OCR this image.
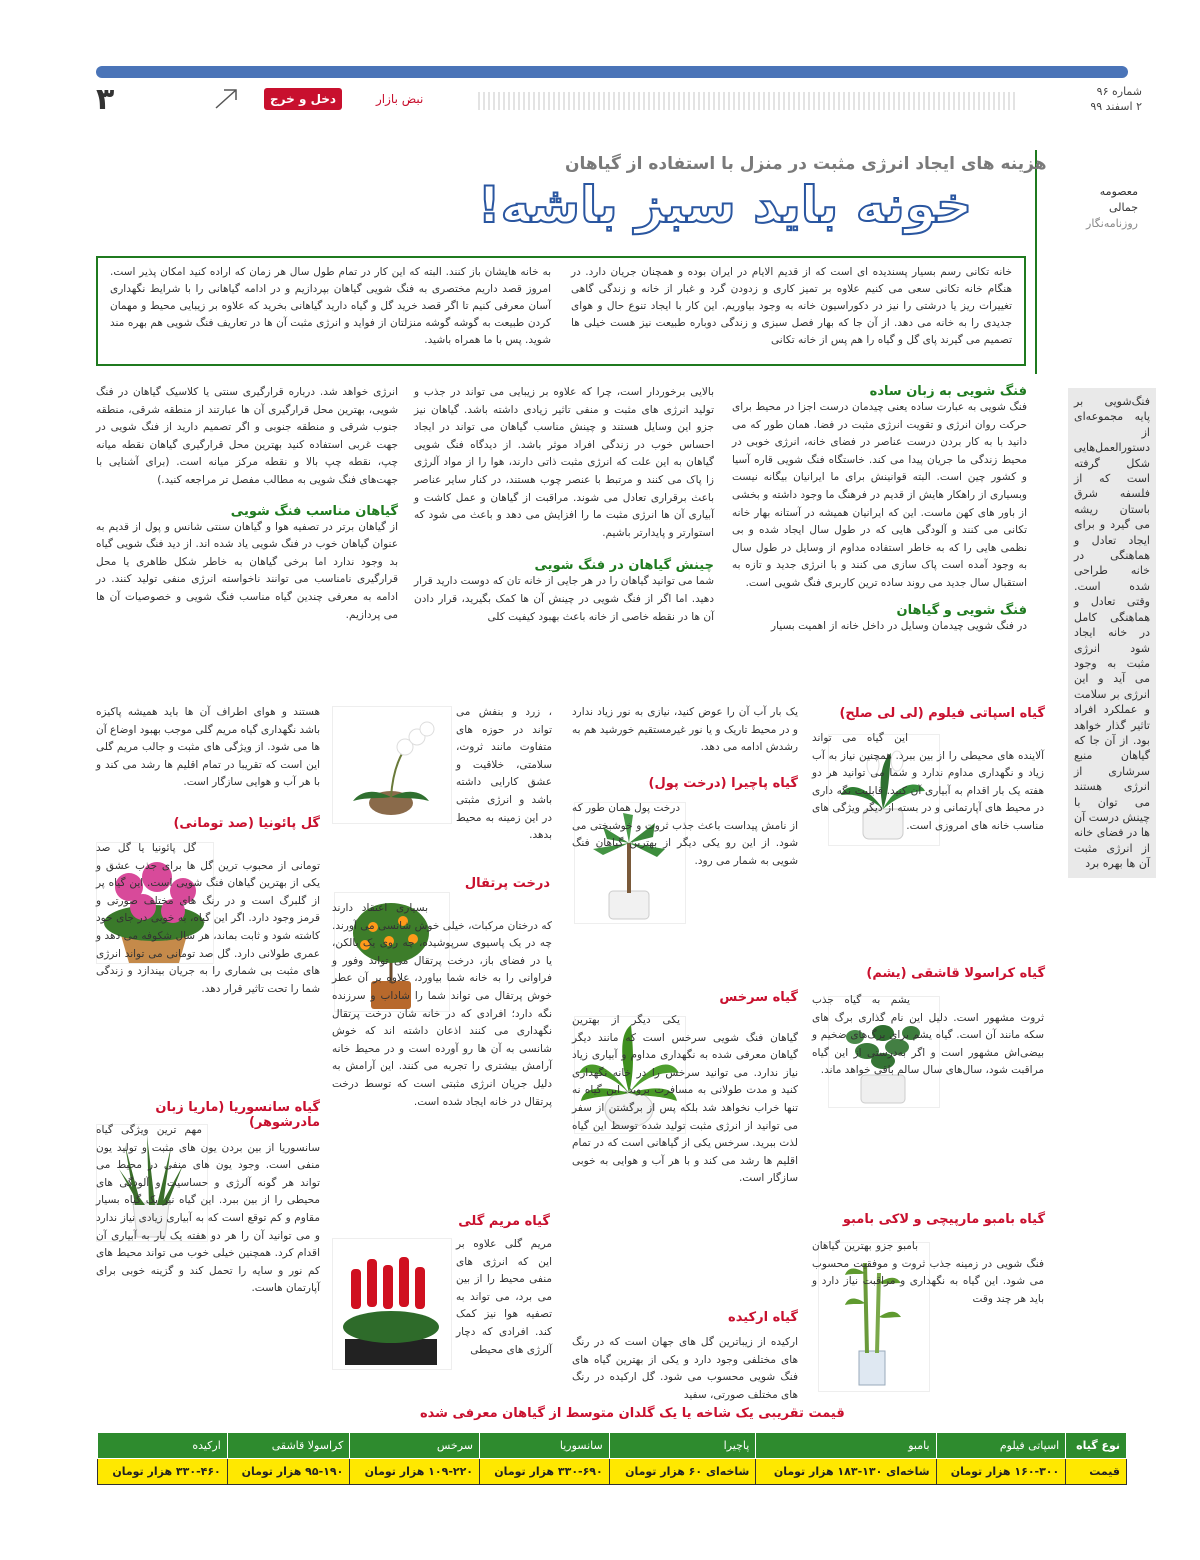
شماره ۹۶
۲ اسفند ۹۹
نبض بازار
دخل و خرج
۳
معصومه جمالی
روزنامه‌نگار
هزینه های ایجاد انرژی مثبت در منزل با استفاده از گیاهان
خونه باید سبز باشه!

خانه تکانی رسم بسیار پسندیده ای است که از قدیم الایام در ایران بوده و همچنان جریان دارد. در هنگام خانه تکانی سعی می کنیم علاوه بر تمیز کاری و زدودن گرد و غبار از خانه و زندگی گاهی تغییرات ریز یا درشتی را نیز در دکوراسیون خانه به وجود بیاوریم. این کار با ایجاد تنوع حال و هوای جدیدی را به خانه می دهد. از آن جا که بهار فصل سبزی و زندگی دوباره طبیعت نیز هست خیلی ها تصمیم می گیرند پای گل و گیاه را هم پس از خانه تکانی

به خانه هایشان باز کنند. البته که این کار در تمام طول سال هر زمان که اراده کنید امکان پذیر است. امروز قصد داریم مختصری به فنگ شویی گیاهان بپردازیم و در ادامه گیاهانی را با شرایط نگهداری آسان معرفی کنیم تا اگر قصد خرید گل و گیاه دارید گیاهانی بخرید که علاوه بر زیبایی محیط و مهمان کردن طبیعت به گوشه گوشه منزلتان از فواید و انرژی مثبت آن ها در تعاریف فنگ شویی هم بهره مند شوید. پس با ما همراه باشید.

فنگ‌شویی بر پایه مجموعه‌ای از دستورالعمل‌هایی شکل گرفته است که از فلسفه شرق باستان ریشه می گیرد و برای ایجاد تعادل و هماهنگی در خانه طراحی شده است. وقتی تعادل و هماهنگی کامل در خانه ایجاد شود انرژی مثبت به وجود می آید و این انرژی بر سلامت و عملکرد افراد تاثیر گذار خواهد بود. از آن جا که گیاهان منبع سرشاری از انرژی هستند می توان با چینش درست آن ها در فضای خانه از انرژی مثبت آن ها بهره برد
فنگ شویی به زبان ساده

فنگ شویی به عبارت ساده یعنی چیدمان درست اجزا در محیط برای حرکت روان انرژی و تقویت انرژی مثبت در فضا. همان طور که می دانید با به کار بردن درست عناصر در فضای خانه، انرژی خوبی در محیط زندگی ما جریان پیدا می کند. خاستگاه فنگ شویی قاره آسیا و کشور چین است. البته قوانینش برای ما ایرانیان بیگانه نیست وبسیاری از راهکار هایش از قدیم در فرهنگ ما وجود داشته و بخشی از باور های کهن ماست. این که ایرانیان همیشه در آستانه بهار خانه تکانی می کنند و آلودگی هایی که در طول سال ایجاد شده و بی نظمی هایی را که به خاطر استفاده مداوم از وسایل در طول سال به وجود آمده است پاک سازی می کنند و با انرژی جدید و تازه به استقبال سال جدید می روند ساده ترین کاربری فنگ شویی است.

فنگ شویی و گیاهان

در فنگ شویی چیدمان وسایل در داخل خانه از اهمیت بسیار

بالایی برخوردار است، چرا که علاوه بر زیبایی می تواند در جذب و تولید انرژی های مثبت و منفی تاثیر زیادی داشته باشد. گیاهان نیز جزو این وسایل هستند و چینش مناسب گیاهان می تواند در ایجاد احساس خوب در زندگی افراد موثر باشد. از دیدگاه فنگ شویی گیاهان به این علت که انرژی مثبت ذاتی دارند، هوا را از مواد آلرژی زا پاک می کنند و مرتبط با عنصر چوب هستند، در کنار سایر عناصر باعث برقراری تعادل می شوند. مراقبت از گیاهان و عمل کاشت و آبیاری آن ها انرژی مثبت ما را افزایش می دهد و باعث می شود که استوارتر و پایدارتر باشیم.

چینش گیاهان در فنگ شویی

شما می توانید گیاهان را در هر جایی از خانه تان که دوست دارید قرار دهید. اما اگر از فنگ شویی در چینش آن ها کمک بگیرید، قرار دادن آن ها در نقطه خاصی از خانه باعث بهبود کیفیت کلی

انرژی خواهد شد. درباره قرارگیری سنتی یا کلاسیک گیاهان در فنگ شویی، بهترین محل قرارگیری آن ها عبارتند از منطقه شرقی، منطقه جنوب شرقی و منطقه جنوبی و اگر تصمیم دارید از فنگ شویی در جهت غربی استفاده کنید بهترین محل قرارگیری گیاهان نقطه میانه چپ، نقطه چپ بالا و نقطه مرکز میانه است. (برای آشنایی با جهت‌های فنگ شویی به مطالب مفصل تر مراجعه کنید.)

گیاهان مناسب فنگ شویی

از گیاهان برتر در تصفیه هوا و گیاهان سنتی شانس و پول از قدیم به عنوان گیاهان خوب در فنگ شویی یاد شده اند. از دید فنگ شویی گیاه بد وجود ندارد اما برخی گیاهان به خاطر شکل ظاهری یا محل قرارگیری نامناسب می توانند ناخواسته انرژی منفی تولید کنند. در ادامه به معرفی چندین گیاه مناسب فنگ شویی و خصوصیات آن ها می پردازیم.

گیاه اسپاتی فیلوم (لی لی صلح)
این گیاه می تواند آلاینده های محیطی را از بین ببرد. همچنین نیاز به آب زیاد و نگهداری مداوم ندارد و شما می توانید هر دو هفته یک بار اقدام به آبیاری آن کنید. قابلیت نگه داری در محیط های آپارتمانی و در بسته از دیگر ویژگی های مناسب خانه های امروزی است.
گیاه کراسولا قاشقی (یشم)
یشم به گیاه جذب ثروت مشهور است. دلیل این نام گذاری برگ های سکه مانند آن است. گیاه یشم برای برگ‌های ضخیم و بیضی‌اش مشهور است و اگر به‌درستی از این گیاه مراقبت شود، سال‌های سال سالم باقی خواهد ماند.
گیاه بامبو مارپیچی و لاکی بامبو
بامبو جزو بهترین گیاهان فنگ شویی در زمینه جذب ثروت و موفقیت محسوب می شود. این گیاه به نگهداری و مراقبت نیاز دارد و باید هر چند وقت
یک بار آب آن را عوض کنید، نیازی به نور زیاد ندارد و در محیط تاریک و یا نور غیرمستقیم خورشید هم به رشدش ادامه می دهد.
گیاه پاچیرا (درخت پول)
درخت پول همان طور که از نامش پیداست باعث جذب ثروت و خوشبختی می شود. از این رو یکی دیگر از بهترین گیاهان فنگ شویی به شمار می رود.
گیاه سرخس
یکی دیگر از بهترین گیاهان فنگ شویی سرخس است که مانند دیگر گیاهان معرفی شده به نگهداری مداوم و آبیاری زیاد نیاز ندارد. می توانید سرخس را در خانه نگهداری کنید و مدت طولانی به مسافرت بروید. این گیاه نه تنها خراب نخواهد شد بلکه پس از برگشتن از سفر می توانید از انرژی مثبت تولید شده توسط این گیاه لذت ببرید. سرخس یکی از گیاهانی است که در تمام اقلیم ها رشد می کند و با هر آب و هوایی به خوبی سازگار است.
گیاه ارکیده
ارکیده از زیباترین گل های جهان است که در رنگ های مختلفی وجود دارد و یکی از بهترین گیاه های فنگ شویی محسوب می شود. گل ارکیده در رنگ های مختلف صورتی، سفید
، زرد و بنفش می تواند در حوزه های متفاوت مانند ثروت، سلامتی، خلاقیت و عشق کارایی داشته باشد و انرژی مثبتی در این زمینه به محیط بدهد.
درخت پرتقال
بسیاری اعتقاد دارند که درختان مرکبات، خیلی خوش شانسی می آورند. چه در یک پاسیوی سرپوشیده، چه روی یک بالکن، یا در فضای باز، درخت پرتقال می تواند وفور و فراوانی را به خانه شما بیاورد، علاوه بر آن عطر خوش پرتقال می تواند شما را شاداب و سرزنده نگه دارد؛ افرادی که در خانه شان درخت پرتقال نگهداری می کنند اذعان داشته اند که خوش شانسی به آن ها رو آورده است و در محیط خانه آرامش بیشتری را تجربه می کنند. این آرامش به دلیل جریان انرژی مثبتی است که توسط درخت پرتقال در خانه ایجاد شده است.
گیاه مریم گلی
مریم گلی علاوه بر این که انرژی های منفی محیط را از بین می برد، می تواند به تصفیه هوا نیز کمک کند. افرادی که دچار آلرژی های محیطی
هستند و هوای اطراف آن ها باید همیشه پاکیزه باشد نگهداری گیاه مریم گلی موجب بهبود اوضاع آن ها می شود. از ویژگی های مثبت و جالب مریم گلی این است که تقریبا در تمام اقلیم ها رشد می کند و با هر آب و هوایی سازگار است.
گل پائونیا (صد تومانی)
گل پائونیا یا گل صد تومانی از محبوب ترین گل ها برای جذب عشق و یکی از بهترین گیاهان فنگ شویی است. این گیاه پر از گلبرگ است و در رنگ های مختلف صورتی و قرمز وجود دارد. اگر این گیاه، به خوبی در جای خود کاشته شود و ثابت بماند، هر سال شکوفه می دهد و عمری طولانی دارد. گل صد تومانی می تواند انرژی های مثبت بی شماری را به جریان بیندازد و زندگی شما را تحت تاثیر قرار دهد.
گیاه سانسوریا (ماریا زبان مادرشوهر)
مهم ترین ویژگی گیاه سانسوریا از بین بردن یون های مثبت و تولید یون منفی است. وجود یون های منفی در محیط می تواند هر گونه آلرژی و حساسیت و آلودگی های محیطی را از بین ببرد. این گیاه نیز یک گیاه بسیار مقاوم و کم توقع است که به آبیاری زیادی نیاز ندارد و می توانید آن را هر دو هفته یک بار به آبیاری آن اقدام کرد. همچنین خیلی خوب می تواند محیط های کم نور و سایه را تحمل کند و گزینه خوبی برای آپارتمان هاست.
قیمت تقریبی یک شاخه یا یک گلدان متوسط از گیاهان معرفی شده
نوع گیاه	اسپاتی فیلوم	بامبو	پاچیرا	سانسوریا	سرخس	کراسولا قاشقی	ارکیده
قیمت	۱۶۰-۳۰۰ هزار تومان	شاخه‌ای ۱۳۰-۱۸۳ هزار تومان	شاخه‌ای ۶۰ هزار تومان	۳۳۰-۶۹۰ هزار تومان	۱۰۹-۲۲۰ هزار تومان	۹۵-۱۹۰ هزار تومان	۳۳۰-۴۶۰ هزار تومان
